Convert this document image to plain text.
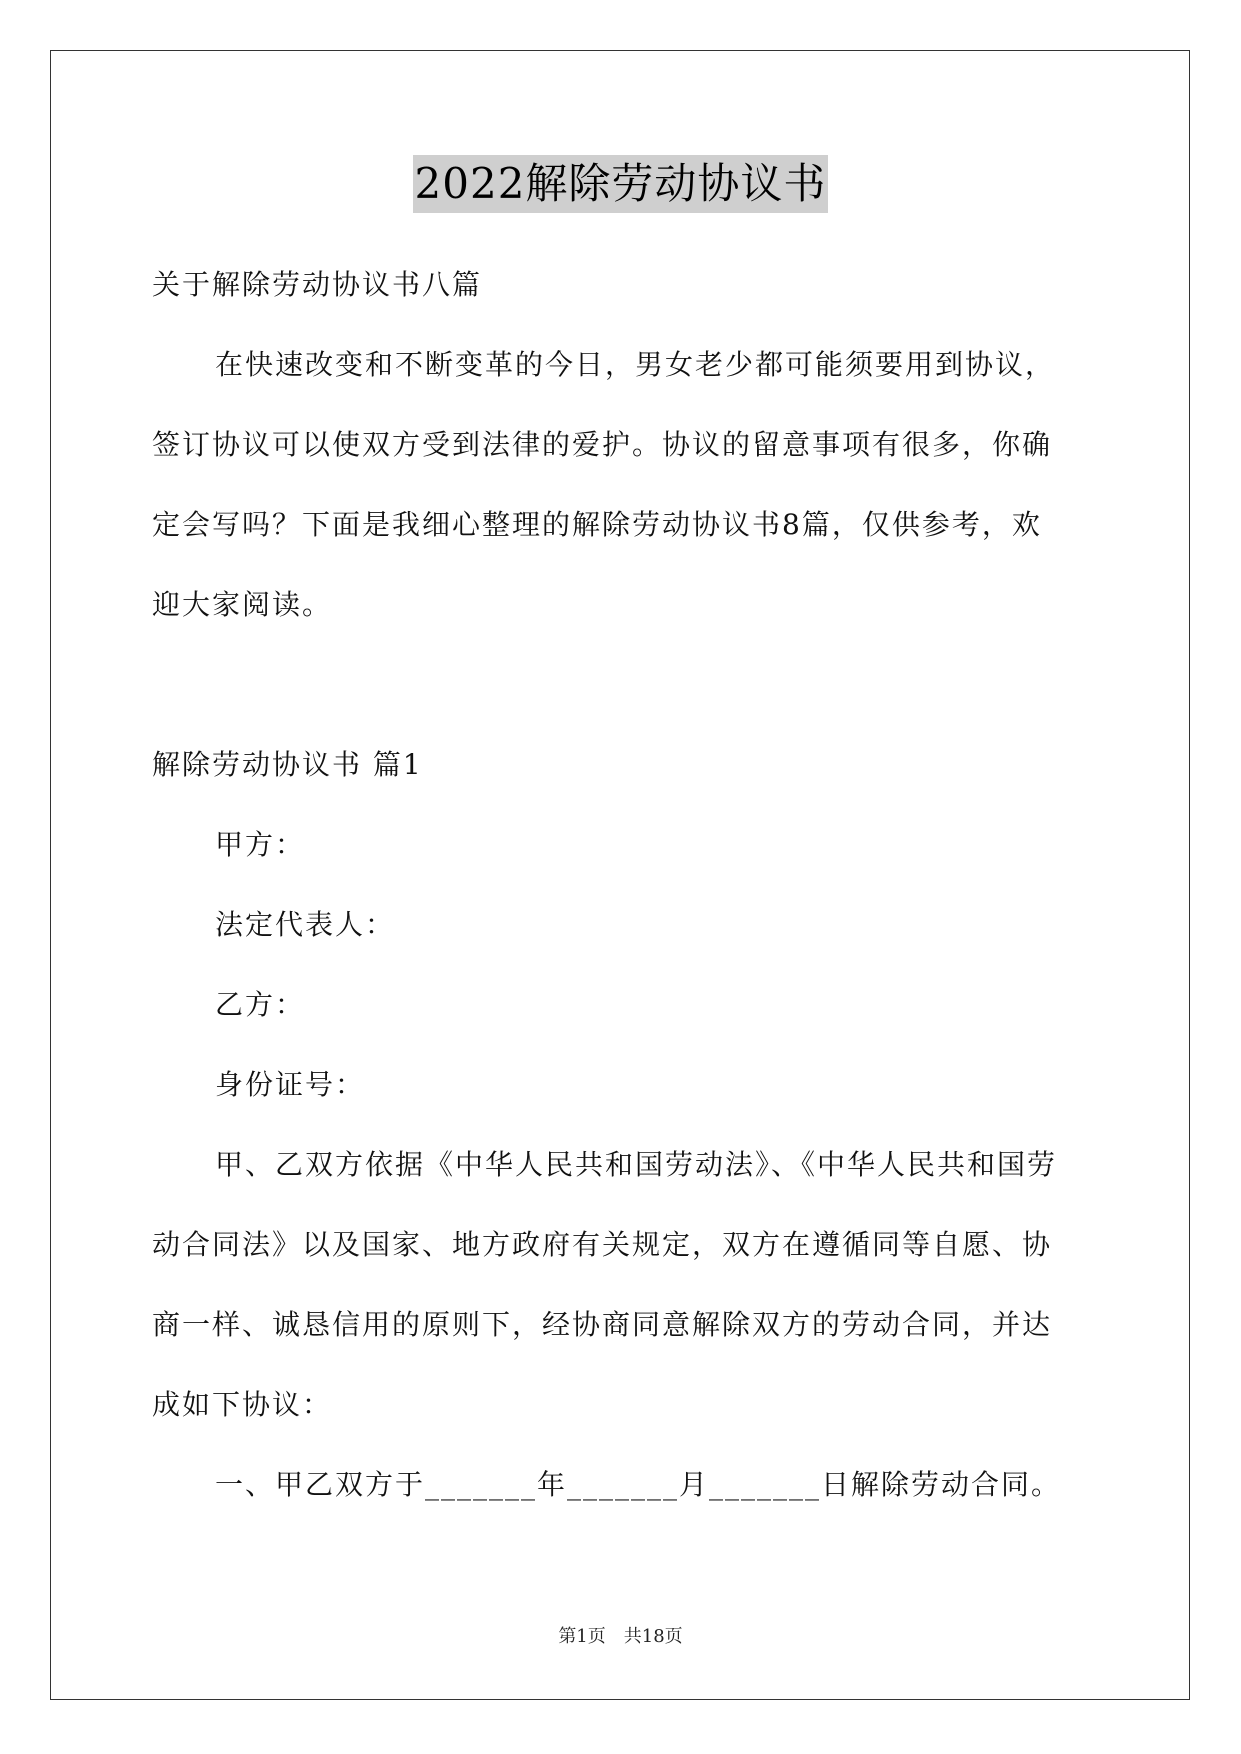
2022解除劳动协议书
关于解除劳动协议书八篇
在快速改变和不断变革的今日，男女老少都可能须要用到协议，
签订协议可以使双方受到法律的爱护。协议的留意事项有很多，你确
定会写吗？下面是我细心整理的解除劳动协议书8篇，仅供参考，欢
迎大家阅读。
解除劳动协议书 篇1
甲方：
法定代表人：
乙方：
身份证号：
甲、乙双方依据《中华人民共和国劳动法》、《中华人民共和国劳
动合同法》以及国家、地方政府有关规定，双方在遵循同等自愿、协
商一样、诚恳信用的原则下，经协商同意解除双方的劳动合同，并达
成如下协议：
一、甲乙双方于_______年_______月_______日解除劳动合同。
第1页　共18页
